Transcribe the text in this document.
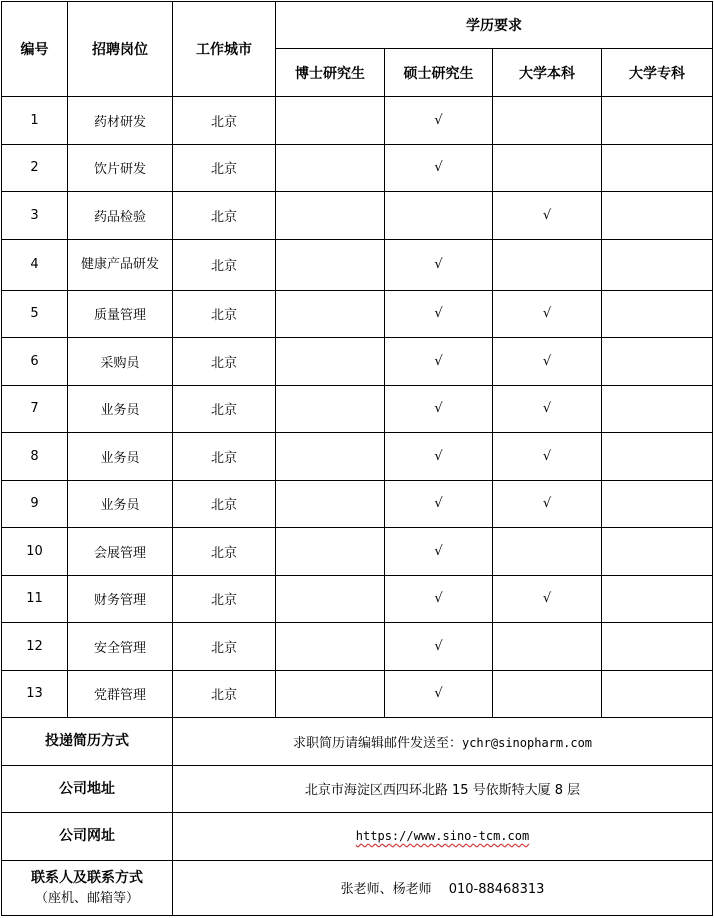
编号	招聘岗位	工作城市	学历要求			
			博士研究生	硕士研究生	大学本科	大学专科
1	药材研发	北京		√		
2	饮片研发	北京		√		
3	药品检验	北京			√	
4	健康产品研发	北京		√		
5	质量管理	北京		√	√	
6	采购员	北京		√	√	
7	业务员	北京		√	√	
8	业务员	北京		√	√	
9	业务员	北京		√	√	
10	会展管理	北京		√		
11	财务管理	北京		√	√	
12	安全管理	北京		√		
13	党群管理	北京		√		
投递简历方式		求职简历请编辑邮件发送至：ychr@sinopharm.com				
公司地址		北京市海淀区西四环北路 15 号依斯特大厦 8 层				
公司网址		https://www.sino-tcm.com				

联系人及联系方式
（座机、邮箱等）		张老师、杨老师　 010-88468313				
